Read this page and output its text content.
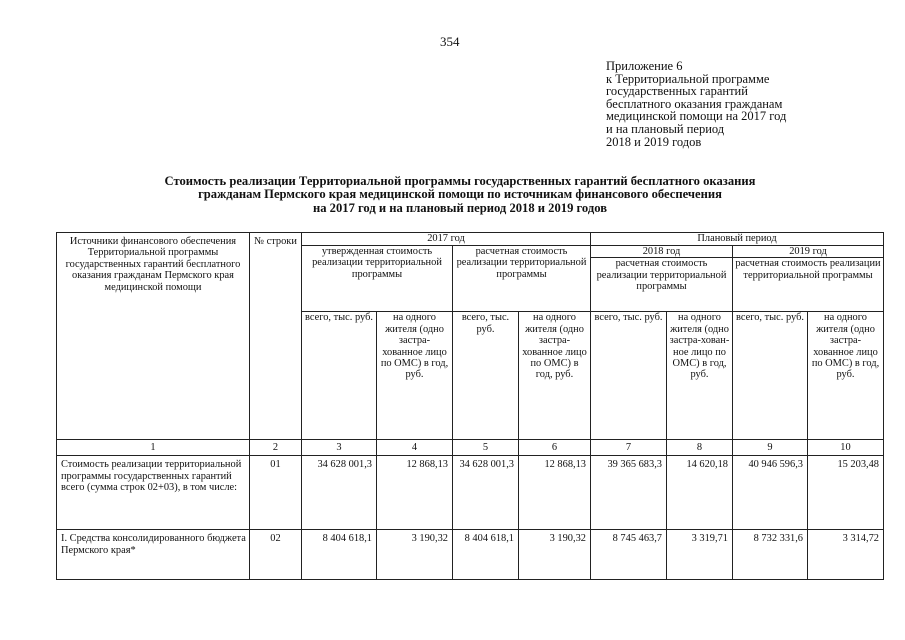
354
Приложение 6
к Территориальной программе
государственных гарантий
бесплатного оказания гражданам
медицинской помощи на 2017 год
и на плановый период
2018 и 2019 годов
Стоимость реализации Территориальной программы государственных гарантий бесплатного оказания
гражданам Пермского края медицинской помощи по источникам финансового обеспечения
на 2017 год и на плановый период 2018 и 2019 годов
Источники финансового обеспечения Территориальной программы государственных гарантий бесплатного оказания гражданам Пермского края медицинской помощи	№ строки	2017 год				Плановый период			
		утвержденная стоимость реализации территориальной программы		расчетная стоимость реализации территориальной программы		2018 год		2019 год	
						расчетная стоимость реализации территориальной программы		расчетная стоимость реализации территориальной программы	
		всего, тыс. руб.	на одного жителя (одно застра-хованное лицо по ОМС) в год, руб.	всего, тыс. руб.	на одного жителя (одно застра-хованное лицо по ОМС) в год, руб.	всего, тыс. руб.	на одного жителя (одно застра-хован-ное лицо по ОМС) в год, руб.	всего, тыс. руб.	на одного жителя (одно застра-хованное лицо по ОМС) в год, руб.
1	2	3	4	5	6	7	8	9	10
Стоимость реализации территориальной программы государственных гарантий всего (сумма строк 02+03), в том числе:	01	34 628 001,3	12 868,13	34 628 001,3	12 868,13	39 365 683,3	14 620,18	40 946 596,3	15 203,48
I. Средства консолидированного бюджета Пермского края*	02	8 404 618,1	3 190,32	8 404 618,1	3 190,32	8 745 463,7	3 319,71	8 732 331,6	3 314,72
